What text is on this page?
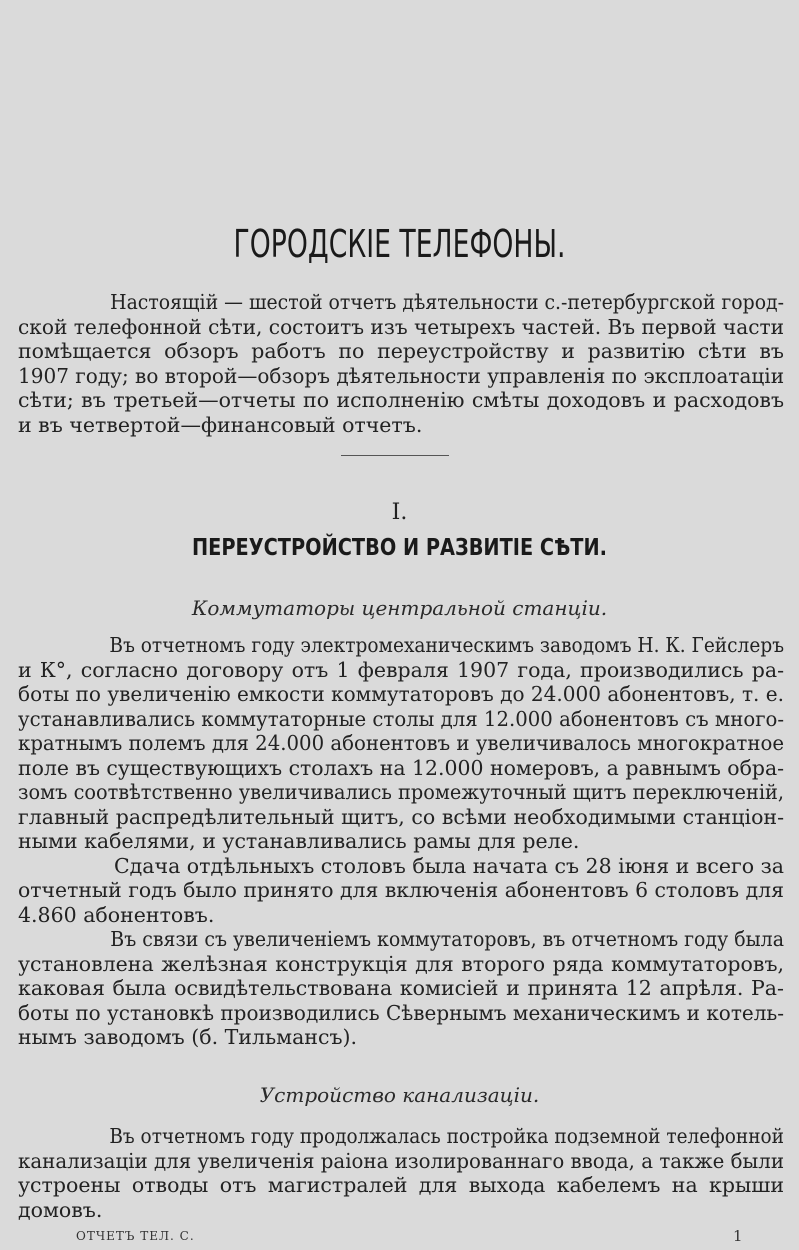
ГОРОДСКІЕ ТЕЛЕФОНЫ.
Настоящій — шестой отчетъ дѣятельности с.-петербургской город-
ской телефонной сѣти, состоитъ изъ четырехъ частей. Въ первой части
помѣщается обзоръ работъ по переустройству и развитію сѣти въ
1907 году; во второй—обзоръ дѣятельности управленія по эксплоатаціи
сѣти; въ третьей—отчеты по исполненію смѣты доходовъ и расходовъ
и въ четвертой—финансовый отчетъ.
I.
ПЕРЕУСТРОЙСТВО И РАЗВИТІЕ СѢТИ.
Коммутаторы центральной станціи.
Въ отчетномъ году электромеханическимъ заводомъ Н. К. Гейслеръ
и К°, согласно договору отъ 1 февраля 1907 года, производились ра-
боты по увеличенію емкости коммутаторовъ до 24.000 абонентовъ, т. е.
устанавливались коммутаторные столы для 12.000 абонентовъ съ много-
кратнымъ полемъ для 24.000 абонентовъ и увеличивалось многократное
поле въ существующихъ столахъ на 12.000 номеровъ, а равнымъ обра-
зомъ соотвѣтственно увеличивались промежуточный щитъ переключеній,
главный распредѣлительный щитъ, со всѣми необходимыми станціон-
ными кабелями, и устанавливались рамы для реле.
Сдача отдѣльныхъ столовъ была начата съ 28 іюня и всего за
отчетный годъ было принято для включенія абонентовъ 6 столовъ для
4.860 абонентовъ.
Въ связи съ увеличеніемъ коммутаторовъ, въ отчетномъ году была
установлена желѣзная конструкція для второго ряда коммутаторовъ,
каковая была освидѣтельствована комисіей и принята 12 апрѣля. Ра-
боты по установкѣ производились Сѣвернымъ механическимъ и котель-
нымъ заводомъ (б. Тильмансъ).
Устройство канализаціи.
Въ отчетномъ году продолжалась постройка подземной телефонной
канализаціи для увеличенія раіона изолированнаго ввода, а также были
устроены отводы отъ магистралей для выхода кабелемъ на крыши
домовъ.
ОТЧЕТЪ ТЕЛ. С.	1
